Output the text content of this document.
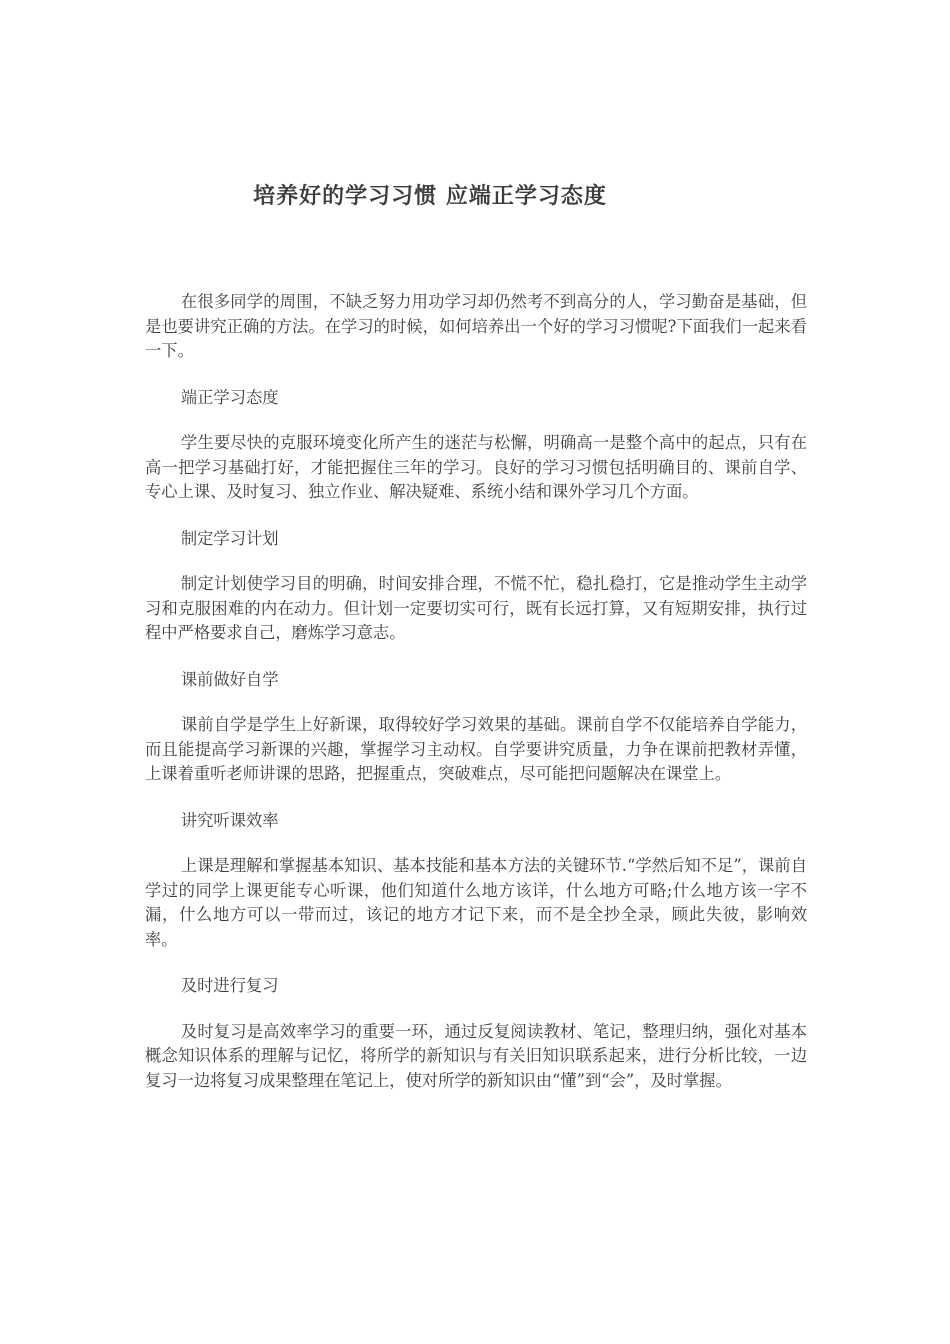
培养好的学习习惯 应端正学习态度

在很多同学的周围，不缺乏努力用功学习却仍然考不到高分的人，学习勤奋是基础，但是也要讲究正确的方法。在学习的时候，如何培养出一个好的学习习惯呢?下面我们一起来看一下。

端正学习态度

学生要尽快的克服环境变化所产生的迷茫与松懈，明确高一是整个高中的起点，只有在高一把学习基础打好，才能把握住三年的学习。良好的学习习惯包括明确目的、课前自学、专心上课、及时复习、独立作业、解决疑难、系统小结和课外学习几个方面。

制定学习计划

制定计划使学习目的明确，时间安排合理，不慌不忙，稳扎稳打，它是推动学生主动学习和克服困难的内在动力。但计划一定要切实可行，既有长远打算，又有短期安排，执行过程中严格要求自己，磨炼学习意志。

课前做好自学

课前自学是学生上好新课，取得较好学习效果的基础。课前自学不仅能培养自学能力，而且能提高学习新课的兴趣，掌握学习主动权。自学要讲究质量，力争在课前把教材弄懂，上课着重听老师讲课的思路，把握重点，突破难点，尽可能把问题解决在课堂上。

讲究听课效率

上课是理解和掌握基本知识、基本技能和基本方法的关键环节.“学然后知不足”，课前自学过的同学上课更能专心听课，他们知道什么地方该详，什么地方可略;什么地方该一字不漏，什么地方可以一带而过，该记的地方才记下来，而不是全抄全录，顾此失彼，影响效率。

及时进行复习

及时复习是高效率学习的重要一环，通过反复阅读教材、笔记，整理归纳，强化对基本概念知识体系的理解与记忆，将所学的新知识与有关旧知识联系起来，进行分析比较，一边复习一边将复习成果整理在笔记上，使对所学的新知识由“懂”到“会”，及时掌握。
